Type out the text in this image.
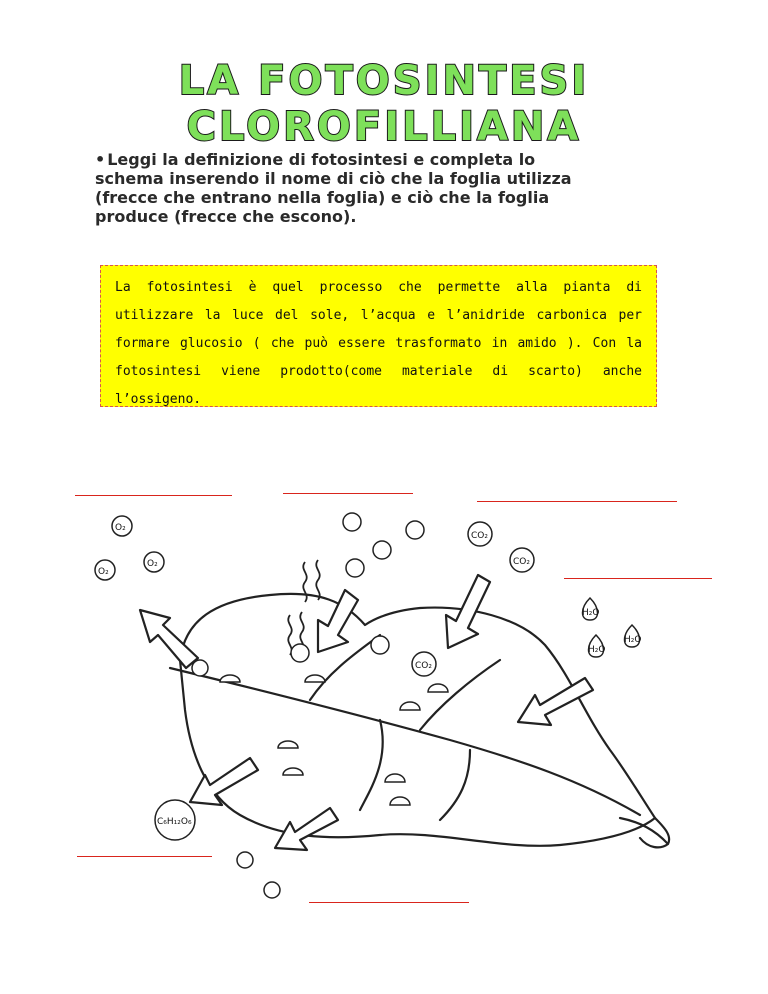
LA FOTOSINTESI CLOROFILLIANA
• Leggi la definizione di fotosintesi e completa lo schema inserendo il nome di ciò che la foglia utilizza (frecce che entrano nella foglia) e ciò che la foglia produce (frecce che escono).
La fotosintesi è quel processo che permette alla pianta di utilizzare la luce del sole, l’acqua e l’anidride carbonica per formare glucosio ( che può essere trasformato in amido ). Con la fotosintesi viene prodotto(come materiale di scarto) anche l’ossigeno.
O₂
O₂
O₂
CO₂
CO₂
CO₂
H₂O
H₂O
H₂O
C₆H₁₂O₆
